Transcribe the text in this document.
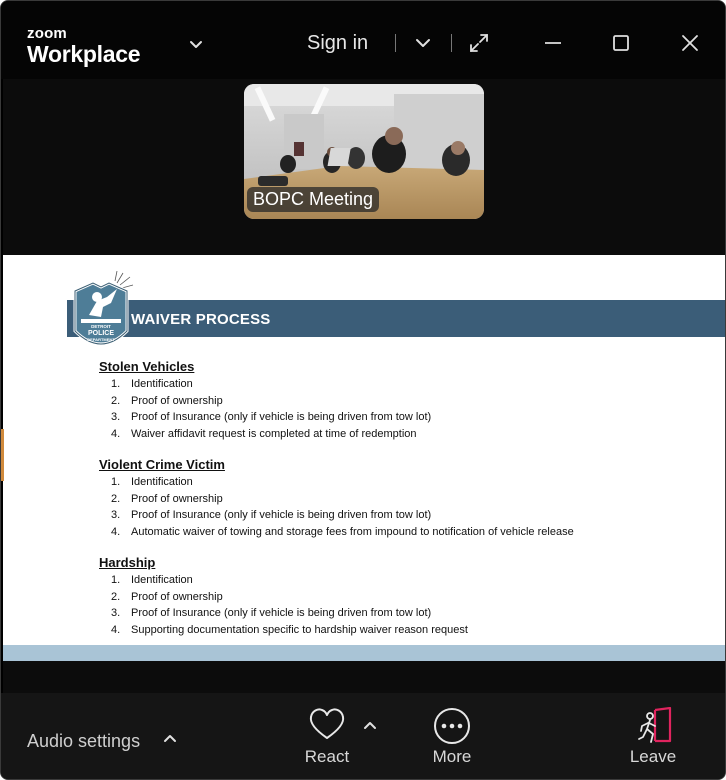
zoom
Workplace	Sign in
BOPC Meeting
WAIVER PROCESS
DETROIT
POLICE
DEPARTMENT
Stolen Vehicles
1. Identification
2. Proof of ownership
3. Proof of Insurance (only if vehicle is being driven from tow lot)
4. Waiver affidavit request is completed at time of redemption
Violent Crime Victim
1. Identification
2. Proof of ownership
3. Proof of Insurance (only if vehicle is being driven from tow lot)
4. Automatic waiver of towing and storage fees from impound to notification of vehicle release
Hardship
1. Identification
2. Proof of ownership
3. Proof of Insurance (only if vehicle is being driven from tow lot)
4. Supporting documentation specific to hardship waiver reason request
Audio settings
React	More	Leave
